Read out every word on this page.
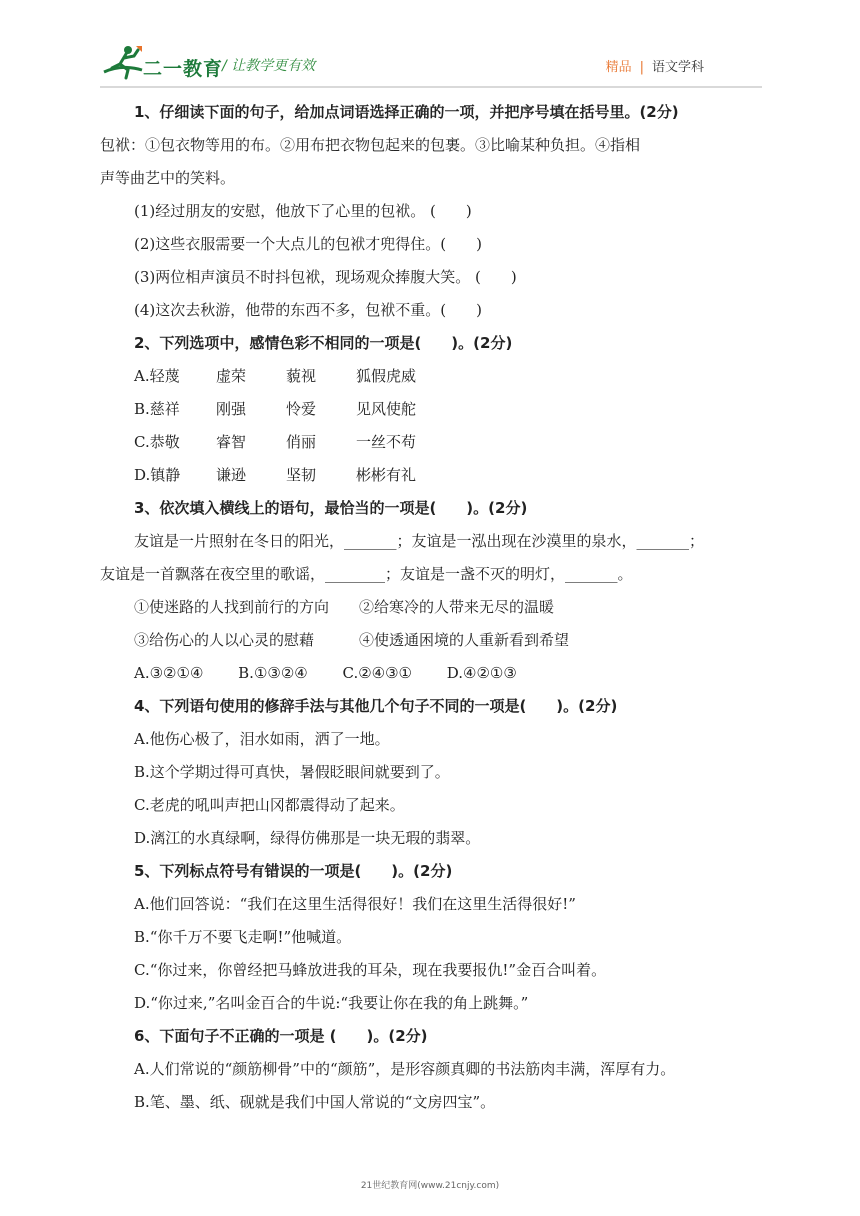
二一教育
/ 让教学更有效	精品 | 语文学科
1、仔细读下面的句子，给加点词语选择正确的一项，并把序号填在括号里。(2分)
包袱：①包衣物等用的布。②用布把衣物包起来的包裹。③比喻某种负担。④指相
声等曲艺中的笑料。
(1)经过朋友的安慰，他放下了心里的包袱。 (　　)
(2)这些衣服需要一个大点儿的包袱才兜得住。(　　)
(3)两位相声演员不时抖包袱，现场观众捧腹大笑。 (　　)
(4)这次去秋游，他带的东西不多，包袱不重。(　　)
2、下列选项中，感情色彩不相同的一项是(　　)。(2分)
A.轻蔑 虚荣	藐视	狐假虎威
B.慈祥 刚强	怜爱	见风使舵
C.恭敬 睿智	俏丽	一丝不苟
D.镇静 谦逊	坚韧	彬彬有礼
3、依次填入横线上的语句，最恰当的一项是(　　)。(2分)
友谊是一片照射在冬日的阳光，_______；友谊是一泓出现在沙漠里的泉水，_______；
友谊是一首飘落在夜空里的歌谣，________；友谊是一盏不灭的明灯，_______。
①使迷路的人找到前行的方向　　②给寒冷的人带来无尽的温暖
③给伤心的人以心灵的慰藉　　　④使透通困境的人重新看到希望
A.③②①④　　 B.①③②④　　 C.②④③①　　 D.④②①③
4、下列语句使用的修辞手法与其他几个句子不同的一项是(　　)。(2分)
A.他伤心极了，泪水如雨，洒了一地。
B.这个学期过得可真快，暑假眨眼间就要到了。
C.老虎的吼叫声把山冈都震得动了起来。
D.漓江的水真绿啊，绿得仿佛那是一块无瑕的翡翠。
5、下列标点符号有错误的一项是(　　)。(2分)
A.他们回答说：“我们在这里生活得很好！我们在这里生活得很好!”
B.“你千万不要飞走啊!”他喊道。
C.“你过来，你曾经把马蜂放进我的耳朵，现在我要报仇!”金百合叫着。
D.“你过来,”名叫金百合的牛说:“我要让你在我的角上跳舞。”
6、下面句子不正确的一项是 (　　)。(2分)
A.人们常说的“颜筋柳骨”中的“颜筋”，是形容颜真卿的书法筋肉丰满，浑厚有力。
B.笔、墨、纸、砚就是我们中国人常说的“文房四宝”。
21世纪教育网(www.21cnjy.com)
